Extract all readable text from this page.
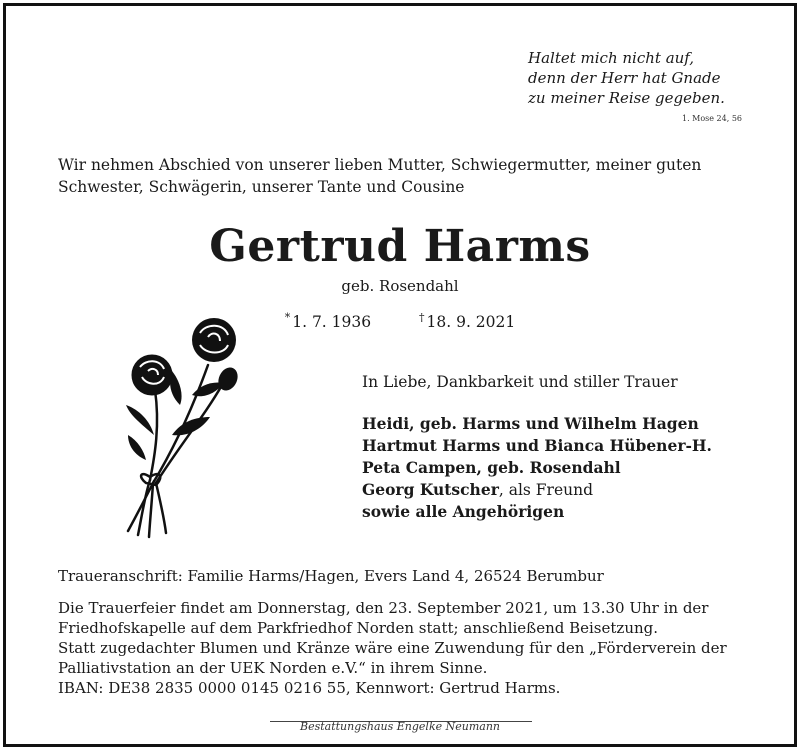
Haltet mich nicht auf,
denn der Herr hat Gnade
zu meiner Reise gegeben.
1. Mose 24, 56
Wir nehmen Abschied von unserer lieben Mutter, Schwiegermutter, meiner guten Schwester, Schwägerin, unserer Tante und Cousine
Gertrud Harms
geb. Rosendahl
* 1. 7. 1936	† 18. 9. 2021
In Liebe, Dankbarkeit und stiller Trauer
Heidi, geb. Harms und Wilhelm Hagen
Hartmut Harms und Bianca Hübener-H.
Peta Campen, geb. Rosendahl
Georg Kutscher, als Freund
sowie alle Angehörigen
Traueranschrift: Familie Harms/Hagen, Evers Land 4, 26524 Berumbur
Die Trauerfeier findet am Donnerstag, den 23. September 2021, um 13.30 Uhr in der Friedhofskapelle auf dem Parkfriedhof Norden statt; anschließend Beisetzung.
Statt zugedachter Blumen und Kränze wäre eine Zuwendung für den „Förderverein der Palliativstation an der UEK Norden e.V.“ in ihrem Sinne.
IBAN: DE38 2835 0000 0145 0216 55, Kennwort: Gertrud Harms.
Bestattungshaus Engelke Neumann
